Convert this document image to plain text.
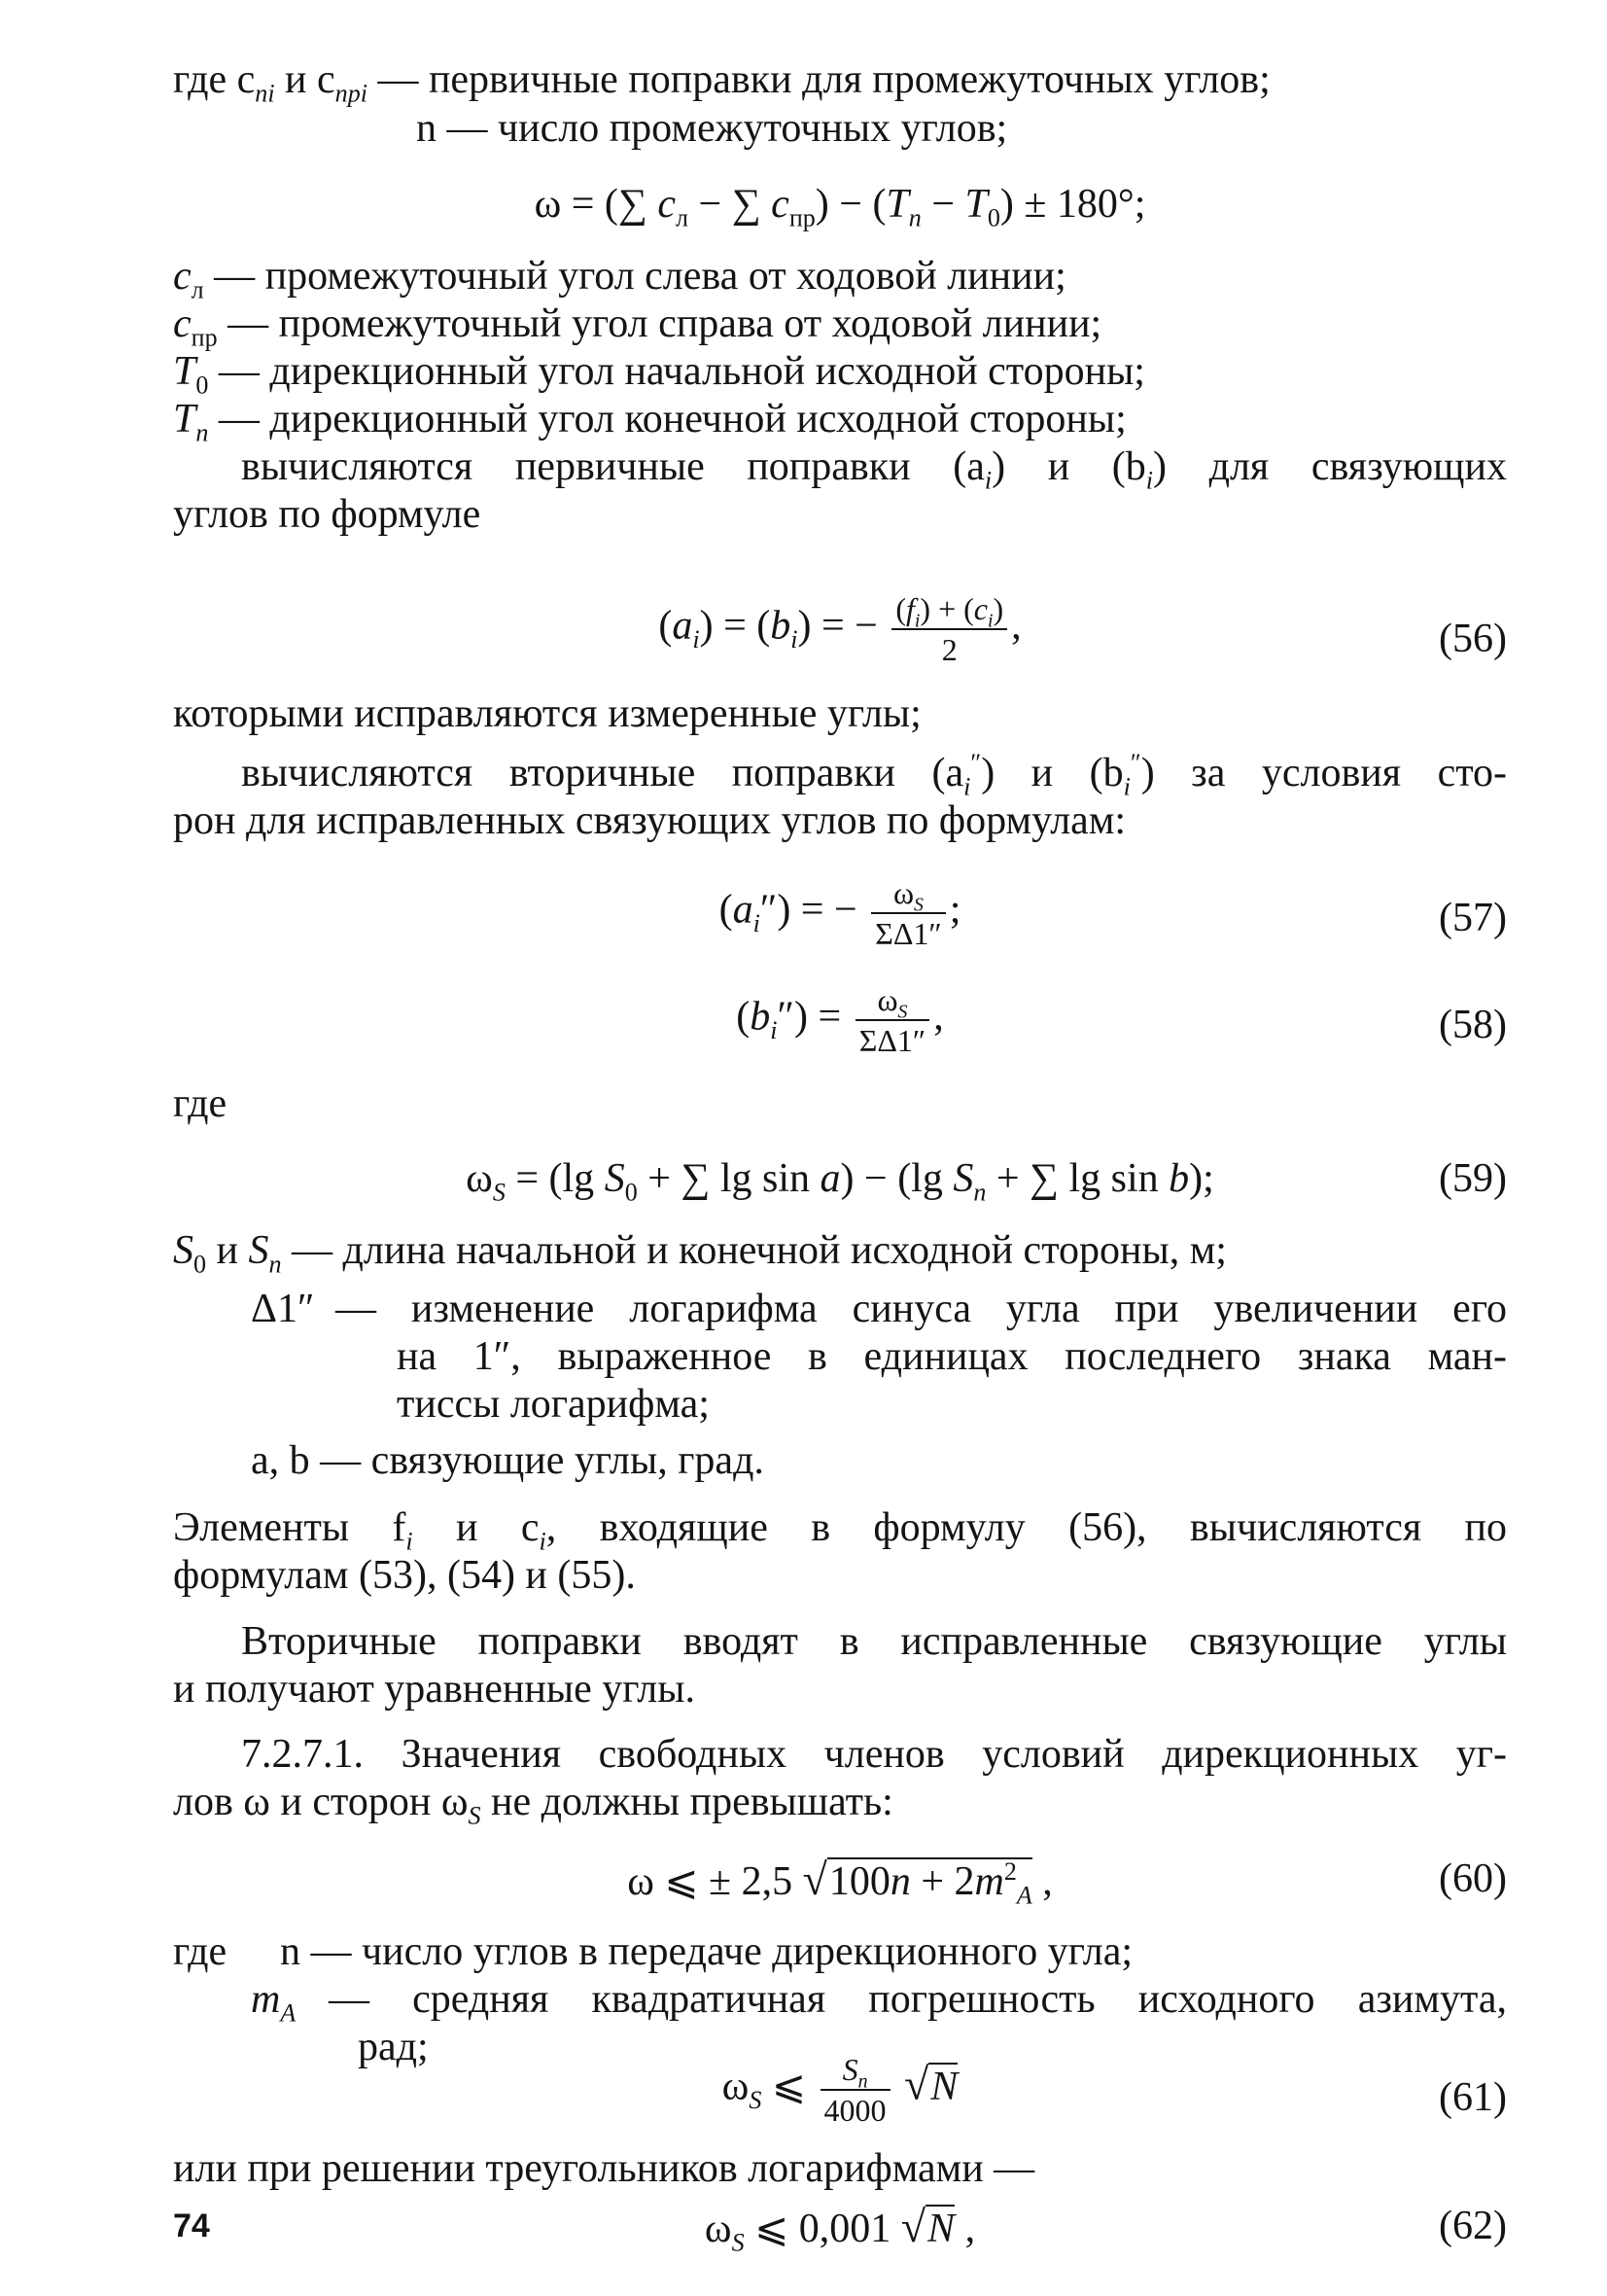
где $c_{ni}$ и $c_{npi}$ — первичные поправки для промежуточных углов;
n — число промежуточных углов;
ω = (∑ $c_л$ − ∑ $c_{пр}) - (T_n - T_0) \pm 180^\circ$;
$c_л$ — промежуточный угол слева от ходовой линии;
$c_{пр}$ — промежуточный угол справа от ходовой линии;
$T_0$ — дирекционный угол начальной исходной стороны;
$T_n$ — дирекционный угол конечной исходной стороны;
вычисляются первичные поправки $(a_i)$ и $(b_i)$ для связующих
углов по формуле
$(a_i) = (b_i)$ = − $\frac{(f_i) + (c_i)}{2}$ ,	(56)
которыми исправляются измеренные углы;
вычисляются вторичные поправки $(a_i'')$ и $(b_i'')$ за условия сто-
рон для исправленных связующих углов по формулам:
$(a_i'')$ = − $\frac{\omega_S}{\Sigma\Delta 1''}$ ;	(57)
$(b_i'') = \frac{\omega_S}{\Sigma\Delta 1''}$ ,	(58)
где
$\omega_S = (\lg$ $S_0$ + ∑ lg sin a) − (lg $S_n$ + ∑ lg sin b);	(59)
$S_0$ и $S_n$ — длина начальной и конечной исходной стороны, м;
Δ1″ — изменение логарифма синуса угла при увеличении его
на 1″, выраженное в единицах последнего знака ман-
тиссы логарифма;
a, b — связующие углы, град.
Элементы $f_i$ и $c_i$, входящие в формулу (56), вычисляются по
формулам (53), (54) и (55).
Вторичные поправки вводят в исправленные связующие углы
и получают уравненные углы.
7.2.7.1. Значения свободных членов условий дирекционных уг-
лов ω и сторон $\omega_S$ не должны превышать:
ω ⩽ ± 2,5 $√100n + 2m^2_A$ ,	(60)
где	n — число углов в передаче дирекционного угла;
$m_A$ — средняя квадратичная погрешность исходного азимута,
рад;
$\omega_S$ ⩽ $\frac{S_n}{4000} √N$	(61)
или при решении треугольников логарифмами —
$\omega_S$ ⩽ 0,001 √N ,	(62)
74
